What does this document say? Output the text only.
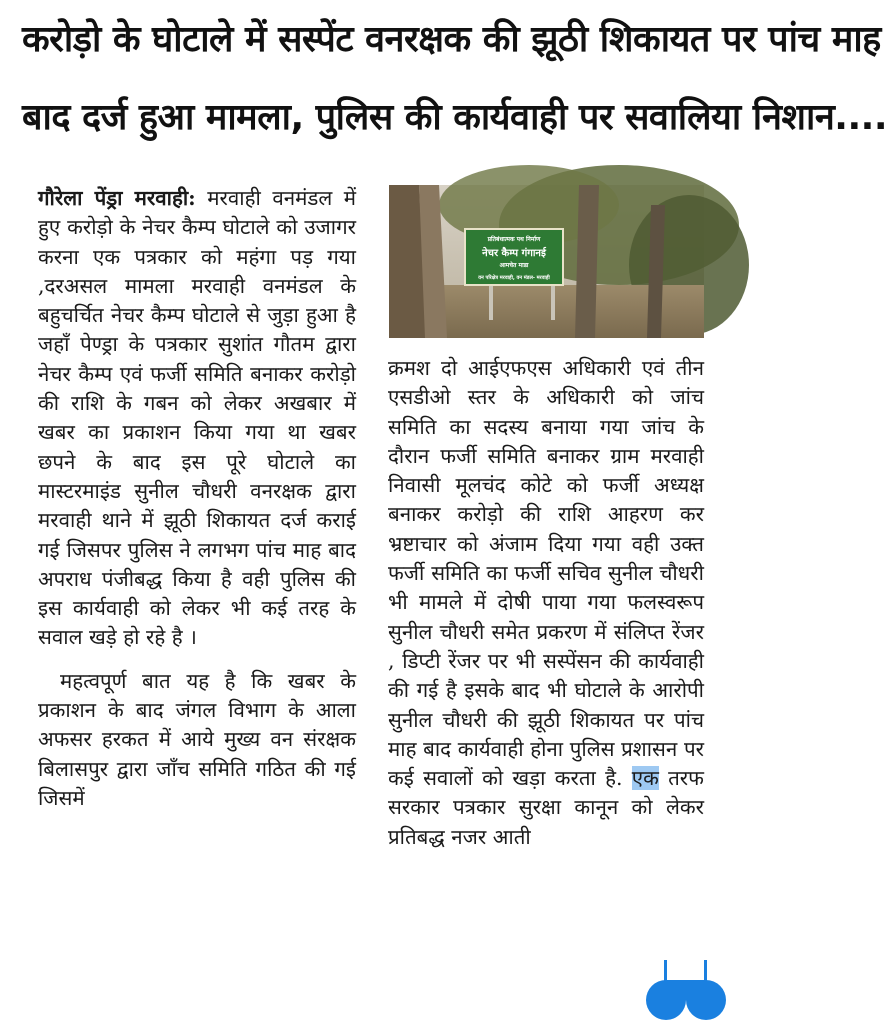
करोड़ो के घोटाले में सस्पेंट वनरक्षक की झूठी शिकायत पर पांच माह
बाद दर्ज हुआ मामला, पुलिस की कार्यवाही पर सवालिया निशान....

गौरेला पेंड्रा मरवाही: मरवाही वनमंडल में हुए करोड़ो के नेचर कैम्प घोटाले को उजागर करना एक पत्रकार को महंगा पड़ गया ,दरअसल मामला मरवाही वनमंडल के बहुचर्चित नेचर कैम्प घोटाले से जुड़ा हुआ है जहाँ पेण्ड्रा के पत्रकार सुशांत गौतम द्वारा नेचर कैम्प एवं फर्जी समिति बनाकर करोड़ो की राशि के गबन को लेकर अखबार में खबर का प्रकाशन किया गया था खबर छपने के बाद इस पूरे घोटाले का मास्टरमाइंड सुनील चौधरी वनरक्षक द्वारा मरवाही थाने में झूठी शिकायत दर्ज कराई गई जिसपर पुलिस ने लगभग पांच माह बाद अपराध पंजीबद्ध किया है वही पुलिस की इस कार्यवाही को लेकर भी कई तरह के सवाल खड़े हो रहे है ।

महत्वपूर्ण बात यह है कि खबर के प्रकाशन के बाद जंगल विभाग के आला अफसर हरकत में आये मुख्य वन संरक्षक बिलासपुर द्वारा जाँच समिति गठित की गई जिसमें

प्रतिबंधात्मक पथ निर्माण
नेचर कैम्प गंगानई
आमचेत माडा
वन परिक्षेत्र मरवाही, वन मंडल- मरवाही

क्रमश दो आईएफएस अधिकारी एवं तीन एसडीओ स्तर के अधिकारी को जांच समिति का सदस्य बनाया गया जांच के दौरान फर्जी समिति बनाकर ग्राम मरवाही निवासी मूलचंद कोटे को फर्जी अध्यक्ष बनाकर करोड़ो की राशि आहरण कर भ्रष्टाचार को अंजाम दिया गया वही उक्त फर्जी समिति का फर्जी सचिव सुनील चौधरी भी मामले में दोषी पाया गया फलस्वरूप सुनील चौधरी समेत प्रकरण में संलिप्त रेंजर , डिप्टी रेंजर पर भी सस्पेंसन की कार्यवाही की गई है इसके बाद भी घोटाले के आरोपी सुनील चौधरी की झूठी शिकायत पर पांच माह बाद कार्यवाही होना पुलिस प्रशासन पर कई सवालों को खड़ा करता है. एक तरफ सरकार पत्रकार सुरक्षा कानून को लेकर प्रतिबद्ध नजर आती
